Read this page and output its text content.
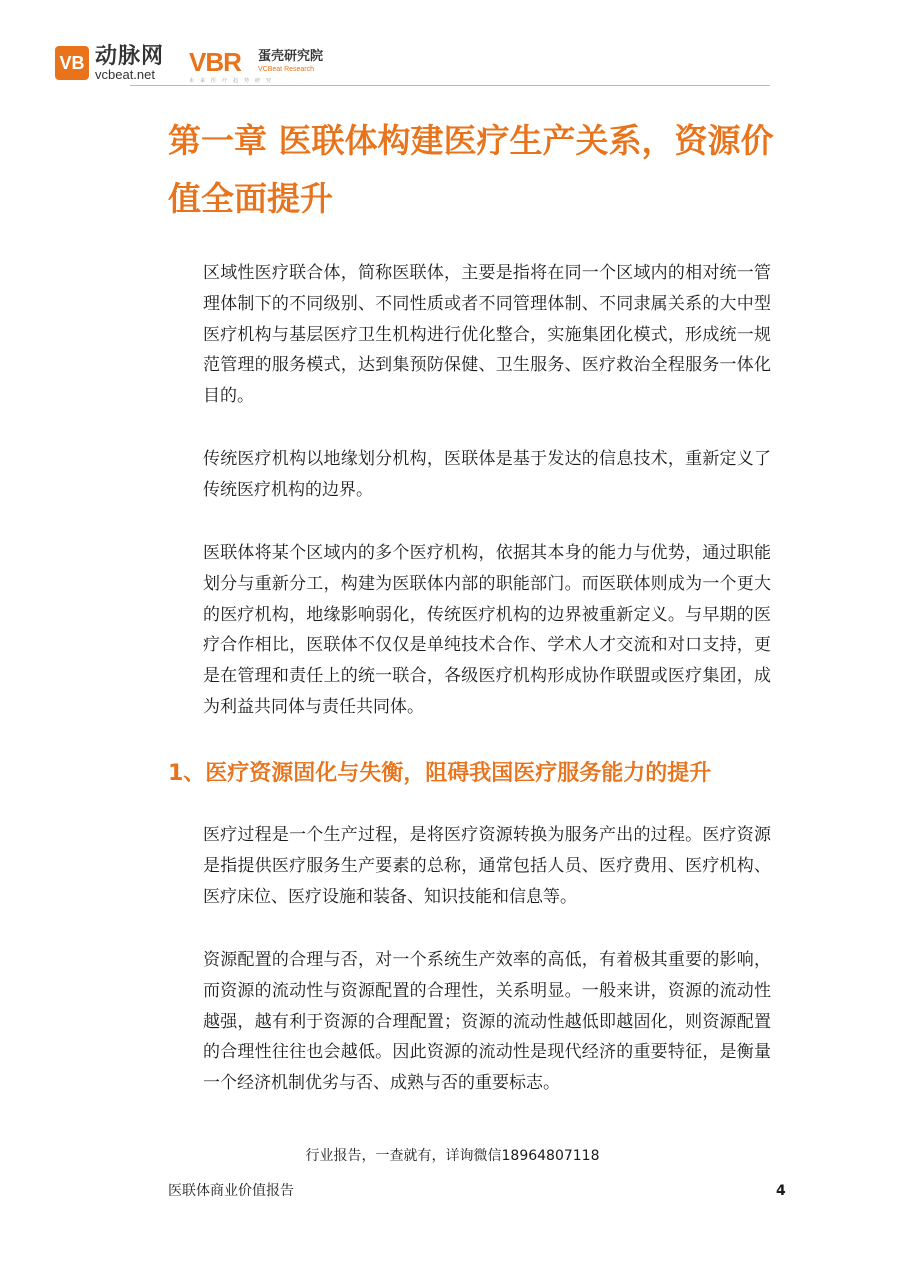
VB 动脉网
vcbeat.net VBR 蛋壳研究院
VCBeat Research
未来医疗趋势研究
第一章 医联体构建医疗生产关系，资源价值全面提升

区域性医疗联合体，简称医联体，主要是指将在同一个区域内的相对统一管理体制下的不同级别、不同性质或者不同管理体制、不同隶属关系的大中型医疗机构与基层医疗卫生机构进行优化整合，实施集团化模式，形成统一规范管理的服务模式，达到集预防保健、卫生服务、医疗救治全程服务一体化目的。

传统医疗机构以地缘划分机构，医联体是基于发达的信息技术，重新定义了传统医疗机构的边界。

医联体将某个区域内的多个医疗机构，依据其本身的能力与优势，通过职能划分与重新分工，构建为医联体内部的职能部门。而医联体则成为一个更大的医疗机构，地缘影响弱化，传统医疗机构的边界被重新定义。与早期的医疗合作相比，医联体不仅仅是单纯技术合作、学术人才交流和对口支持，更是在管理和责任上的统一联合，各级医疗机构形成协作联盟或医疗集团，成为利益共同体与责任共同体。

1、医疗资源固化与失衡，阻碍我国医疗服务能力的提升

医疗过程是一个生产过程，是将医疗资源转换为服务产出的过程。医疗资源是指提供医疗服务生产要素的总称，通常包括人员、医疗费用、医疗机构、医疗床位、医疗设施和装备、知识技能和信息等。

资源配置的合理与否，对一个系统生产效率的高低，有着极其重要的影响，而资源的流动性与资源配置的合理性，关系明显。一般来讲，资源的流动性越强，越有利于资源的合理配置；资源的流动性越低即越固化，则资源配置的合理性往往也会越低。因此资源的流动性是现代经济的重要特征，是衡量一个经济机制优劣与否、成熟与否的重要标志。

行业报告，一查就有，详询微信18964807118
医联体商业价值报告	4
